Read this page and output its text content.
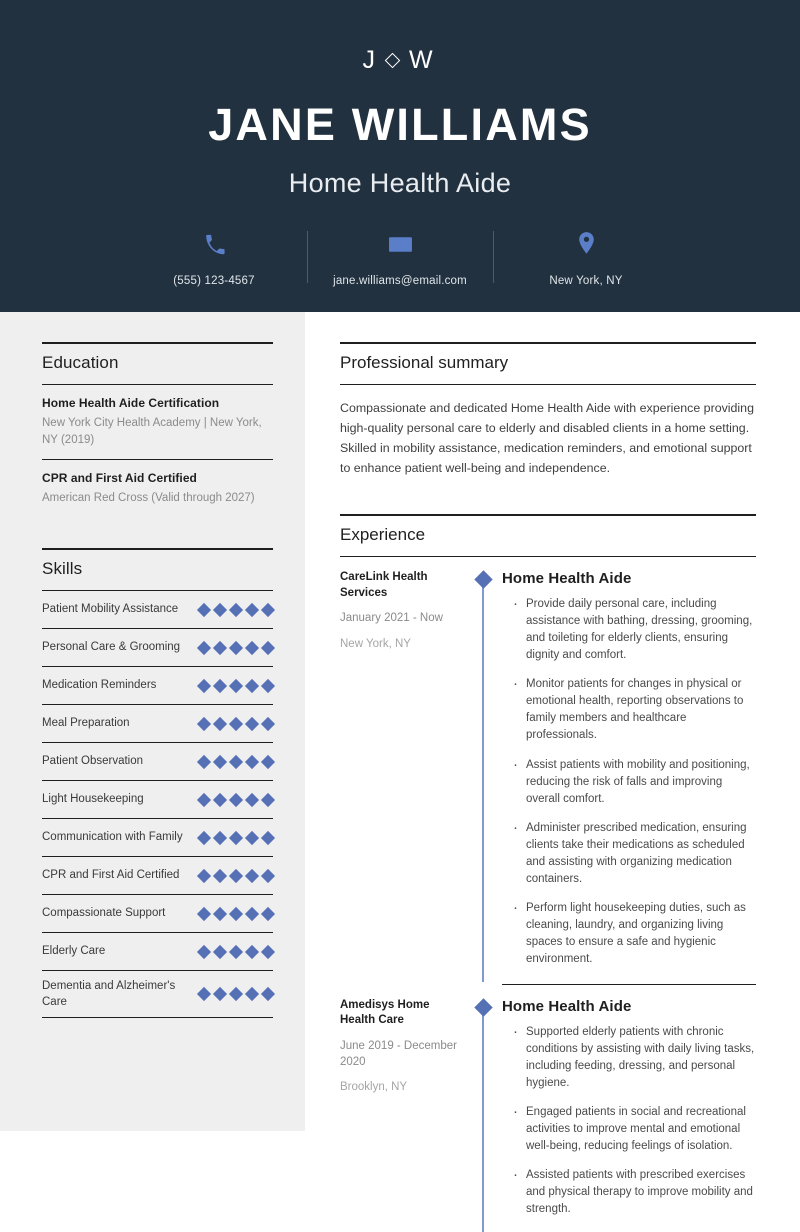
J W
JANE WILLIAMS
Home Health Aide
(555) 123-4567	jane.williams@email.com	New York, NY
Education
Home Health Aide Certification
New York City Health Academy | New York, NY (2019)
CPR and First Aid Certified
American Red Cross (Valid through 2027)
Skills
Patient Mobility Assistance
Personal Care & Grooming
Medication Reminders
Meal Preparation
Patient Observation
Light Housekeeping
Communication with Family
CPR and First Aid Certified
Compassionate Support
Elderly Care
Dementia and Alzheimer's Care
Professional summary
Compassionate and dedicated Home Health Aide with experience providing high-quality personal care to elderly and disabled clients in a home setting. Skilled in mobility assistance, medication reminders, and emotional support to enhance patient well-being and independence.
Experience
CareLink Health Services
January 2021 - Now
New York, NY
Home Health Aide
· Provide daily personal care, including assistance with bathing, dressing, grooming, and toileting for elderly clients, ensuring dignity and comfort.
· Monitor patients for changes in physical or emotional health, reporting observations to family members and healthcare professionals.
· Assist patients with mobility and positioning, reducing the risk of falls and improving overall comfort.
· Administer prescribed medication, ensuring clients take their medications as scheduled and assisting with organizing medication containers.
· Perform light housekeeping duties, such as cleaning, laundry, and organizing living spaces to ensure a safe and hygienic environment.
Amedisys Home Health Care
June 2019 - December 2020
Brooklyn, NY
Home Health Aide
· Supported elderly patients with chronic conditions by assisting with daily living tasks, including feeding, dressing, and personal hygiene.
· Engaged patients in social and recreational activities to improve mental and emotional well-being, reducing feelings of isolation.
· Assisted patients with prescribed exercises and physical therapy to improve mobility and strength.
